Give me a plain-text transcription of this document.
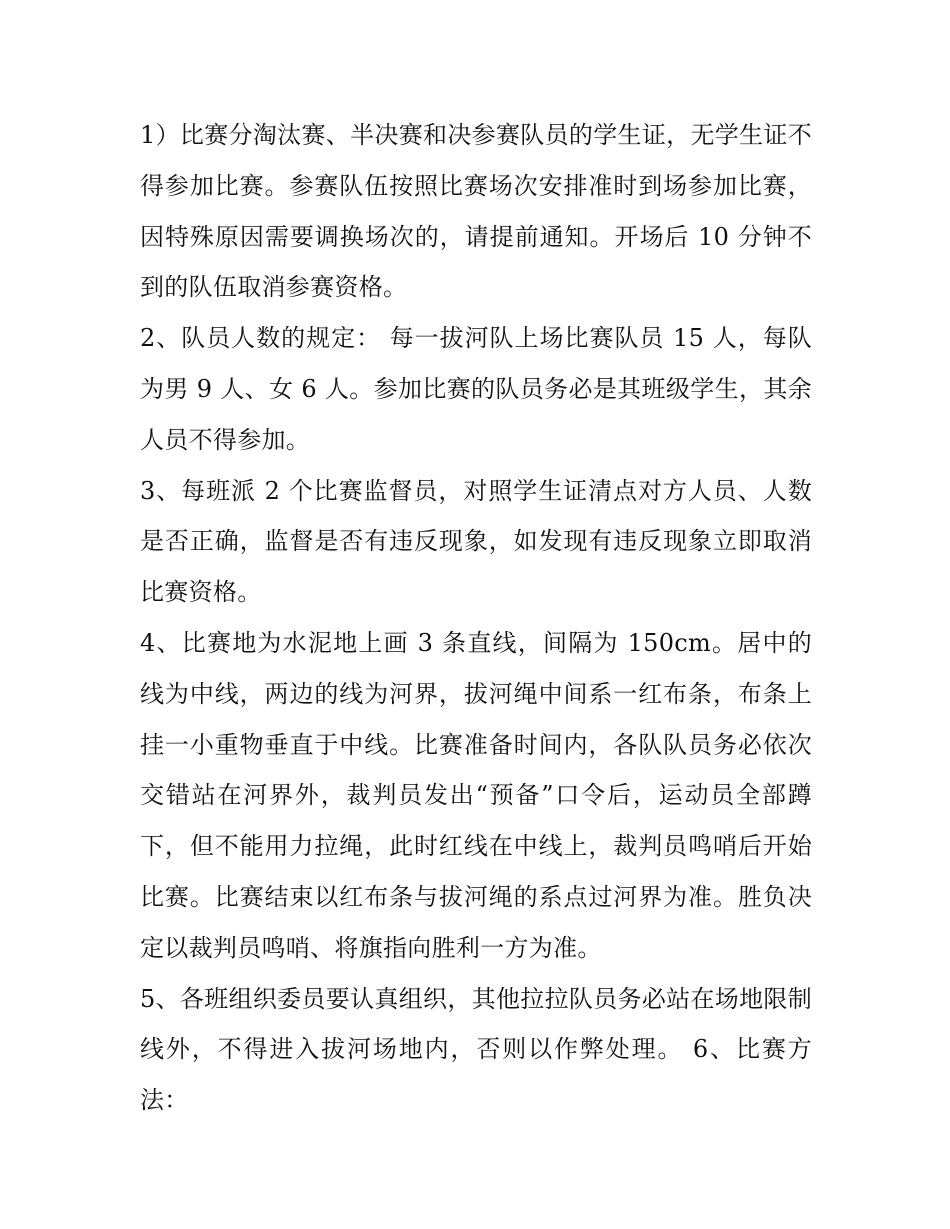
1）比赛分淘汰赛、半决赛和决参赛队员的学生证，无学生证不得参加比赛。参赛队伍按照比赛场次安排准时到场参加比赛，因特殊原因需要调换场次的，请提前通知。开场后 10 分钟不到的队伍取消参赛资格。

2、队员人数的规定： 每一拔河队上场比赛队员 15 人，每队为男 9 人、女 6 人。参加比赛的队员务必是其班级学生，其余人员不得参加。

3、每班派 2 个比赛监督员，对照学生证清点对方人员、人数是否正确，监督是否有违反现象，如发现有违反现象立即取消比赛资格。

4、比赛地为水泥地上画 3 条直线，间隔为 150cm。居中的线为中线，两边的线为河界，拔河绳中间系一红布条，布条上挂一小重物垂直于中线。比赛准备时间内，各队队员务必依次交错站在河界外，裁判员发出“预备”口令后，运动员全部蹲下，但不能用力拉绳，此时红线在中线上，裁判员鸣哨后开始比赛。比赛结束以红布条与拔河绳的系点过河界为准。胜负决定以裁判员鸣哨、将旗指向胜利一方为准。

5、各班组织委员要认真组织，其他拉拉队员务必站在场地限制线外，不得进入拔河场地内，否则以作弊处理。 6、比赛方法：
